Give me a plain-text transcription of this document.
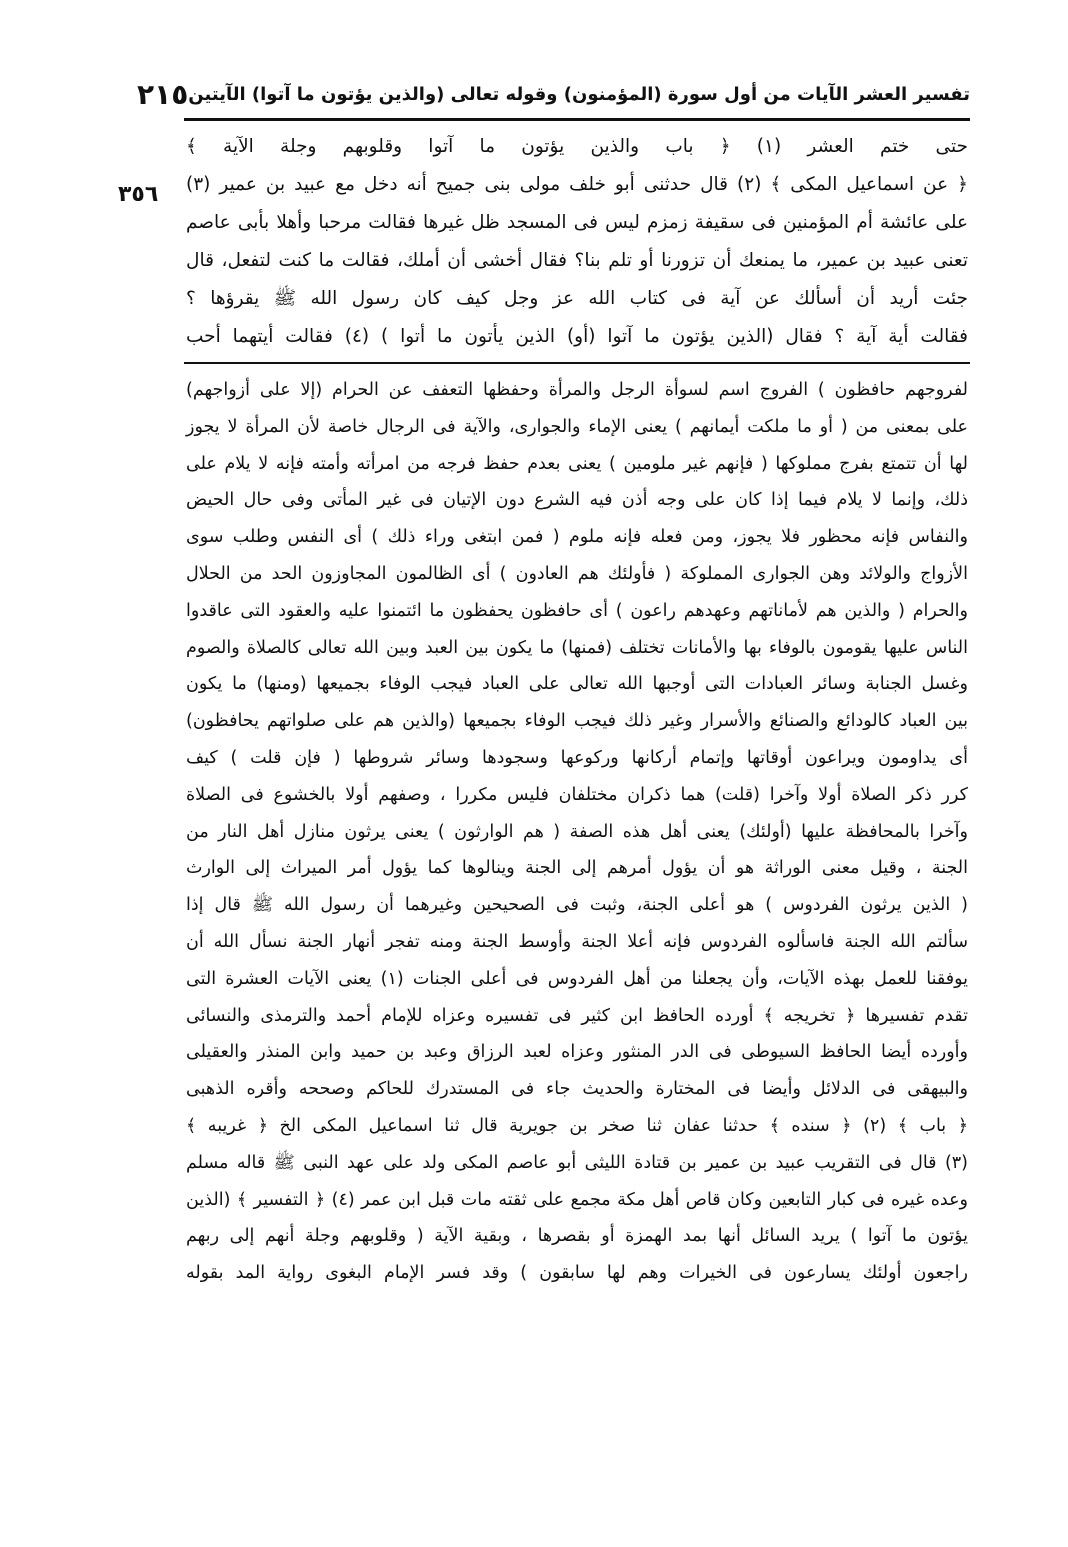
تفسير العشر الآيات من أول سورة (المؤمنون) وقوله تعالى (والذين يؤتون ما آتوا) الآيتين
٢١٥
٣٥٦
حتى ختم العشر (١) ﴿ باب والذين يؤتون ما آتوا وقلوبهم وجلة الآية ﴾
﴿ عن اسماعيل المكى ﴾ (٢) قال حدثنى أبو خلف مولى بنى جميح أنه دخل مع عبيد بن عمير (٣)
على عائشة أم المؤمنين فى سقيفة زمزم ليس فى المسجد ظل غيرها فقالت مرحبا وأهلا بأبى عاصم
تعنى عبيد بن عمير، ما يمنعك أن تزورنا أو تلم بنا؟ فقال أخشى أن أملك، فقالت ما كنت لتفعل، قال
جئت أريد أن أسألك عن آية فى كتاب الله عز وجل كيف كان رسول الله ﷺ يقرؤها ؟
فقالت أية آية ؟ فقال (الذين يؤتون ما آتوا (أو) الذين يأتون ما أتوا ) (٤) فقالت أيتهما أحب
لفروجهم حافظون ) الفروج اسم لسوأة الرجل والمرأة وحفظها التعفف عن الحرام (إلا على أزواجهم)
على بمعنى من ( أو ما ملكت أيمانهم ) يعنى الإماء والجوارى، والآية فى الرجال خاصة لأن المرأة لا يجوز
لها أن تتمتع بفرج مملوكها ( فإنهم غير ملومين ) يعنى بعدم حفظ فرجه من امرأته وأمته فإنه لا يلام على
ذلك، وإنما لا يلام فيما إذا كان على وجه أذن فيه الشرع دون الإتيان فى غير المأتى وفى حال الحيض
والنفاس فإنه محظور فلا يجوز، ومن فعله فإنه ملوم ( فمن ابتغى وراء ذلك ) أى النفس وطلب سوى
الأزواج والولائد وهن الجوارى المملوكة ( فأولئك هم العادون ) أى الظالمون المجاوزون الحد من الحلال
والحرام ( والذين هم لأماناتهم وعهدهم راعون ) أى حافظون يحفظون ما ائتمنوا عليه والعقود التى عاقدوا
الناس عليها يقومون بالوفاء بها والأمانات تختلف (فمنها) ما يكون بين العبد وبين الله تعالى كالصلاة والصوم
وغسل الجنابة وسائر العبادات التى أوجبها الله تعالى على العباد فيجب الوفاء بجميعها (ومنها) ما يكون
بين العباد كالودائع والصنائع والأسرار وغير ذلك فيجب الوفاء بجميعها (والذين هم على صلواتهم يحافظون)
أى يداومون ويراعون أوقاتها وإتمام أركانها وركوعها وسجودها وسائر شروطها ( فإن قلت ) كيف
كرر ذكر الصلاة أولا وآخرا (قلت) هما ذكران مختلفان فليس مكررا ، وصفهم أولا بالخشوع فى الصلاة
وآخرا بالمحافظة عليها (أولئك) يعنى أهل هذه الصفة ( هم الوارثون ) يعنى يرثون منازل أهل النار من
الجنة ، وقيل معنى الوراثة هو أن يؤول أمرهم إلى الجنة وينالوها كما يؤول أمر الميراث إلى الوارث
( الذين يرثون الفردوس ) هو أعلى الجنة، وثبت فى الصحيحين وغيرهما أن رسول الله ﷺ قال إذا
سألتم الله الجنة فاسألوه الفردوس فإنه أعلا الجنة وأوسط الجنة ومنه تفجر أنهار الجنة نسأل الله أن
يوفقنا للعمل بهذه الآيات، وأن يجعلنا من أهل الفردوس فى أعلى الجنات (١) يعنى الآيات العشرة التى
تقدم تفسيرها ﴿ تخريجه ﴾ أورده الحافظ ابن كثير فى تفسيره وعزاه للإمام أحمد والترمذى والنسائى
وأورده أيضا الحافظ السيوطى فى الدر المنثور وعزاه لعبد الرزاق وعبد بن حميد وابن المنذر والعقيلى
والبيهقى فى الدلائل وأيضا فى المختارة والحديث جاء فى المستدرك للحاكم وصححه وأقره الذهبى
﴿ باب ﴾ (٢) ﴿ سنده ﴾ حدثنا عفان ثنا صخر بن جويرية قال ثنا اسماعيل المكى الخ ﴿ غريبه ﴾
(٣) قال فى التقريب عبيد بن عمير بن قتادة الليثى أبو عاصم المكى ولد على عهد النبى ﷺ قاله مسلم
وعده غيره فى كبار التابعين وكان قاص أهل مكة مجمع على ثقته مات قبل ابن عمر (٤) ﴿ التفسير ﴾ (الذين
يؤتون ما آتوا ) يريد السائل أنها بمد الهمزة أو بقصرها ، وبقية الآية ( وقلوبهم وجلة أنهم إلى ربهم
راجعون أولئك يسارعون فى الخيرات وهم لها سابقون ) وقد فسر الإمام البغوى رواية المد بقوله
